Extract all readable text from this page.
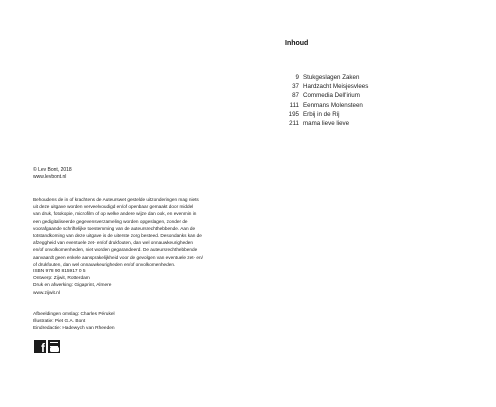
© Lev Bont, 2018
www.levbont.nl
Behoudens de in of krachtens de Auteurswet gestelde uitzonderingen mag niets
uit deze uitgave worden verveelvoudigd en/of openbaar gemaakt door middel
van druk, fotokopie, microfilm of op welke andere wijze dan ook, en evenmin in
een gedigitaliseerde gegevensverzameling worden opgeslagen, zonder de
voorafgaande schriftelijke toestemming van de auteursrechthebbende. Aan de
totstandkoming van deze uitgave is de uiterste zorg besteed. Desondanks kan de
afzeggheid van eventuele zet- en/of drukfouten, dan wel onnauwkeurigheden
en/of onvolkomenheden, niet worden gegarandeerd. De auteursrechthebbende
aanvaardt geen enkele aansprakelijkheid voor de gevolgen van eventuele zet- en/
of drukfouten, dan wel onnauwkeurigheden en/of onvolkomenheden.
ISBN 978 90 815917 0 5
Ontwerp: Zijwit, Rotterdam
Druk en afwerking: Gigaprint, Almere
www.zijwit.nl
Afbeeldingen omslag: Charles Pérukel
Illustratie: Piet G.A. Bont
Eindredactie: Hadewych van Rheeden
f
Inhoud
9 Stukgeslagen Zaken
37 Hardzacht Meisjesvlees
87 Commedia Dell'irium
111 Eenmans Molensteen
195 Erbij in de Rij
211 mama lieve lieve
